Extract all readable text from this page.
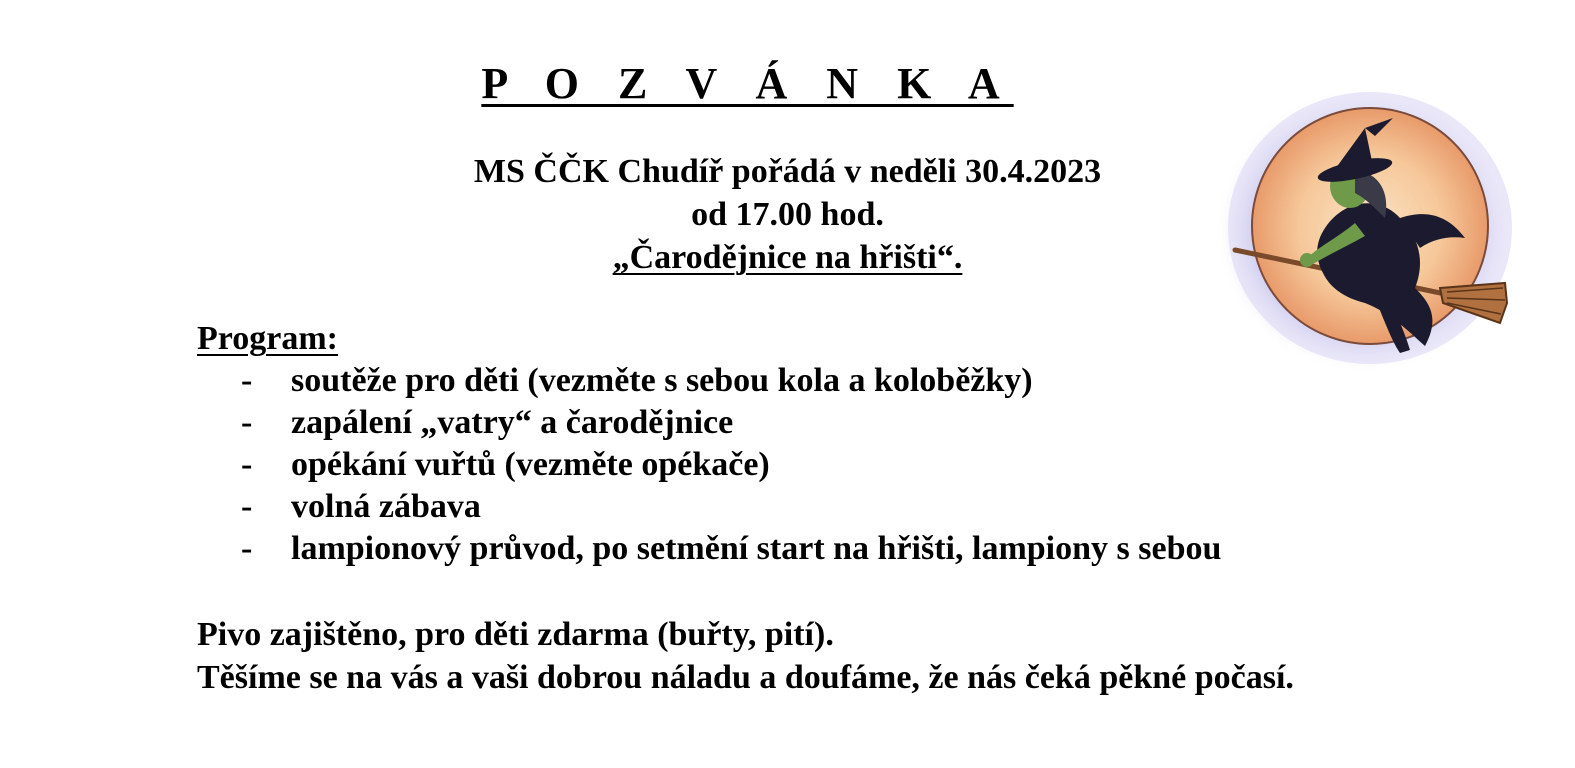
P O Z V Á N K A
MS ČČK Chudíř pořádá v neděli 30.4.2023
od 17.00 hod.
„Čarodějnice na hřišti“.
Program:
- soutěže pro děti (vezměte s sebou kola a koloběžky)
- zapálení „vatry“ a čarodějnice
- opékání vuřtů (vezměte opékače)
- volná zábava
- lampionový průvod, po setmění start na hřišti, lampiony s sebou
Pivo zajištěno, pro děti zdarma (buřty, pití).
Těšíme se na vás a vaši dobrou náladu a doufáme, že nás čeká pěkné počasí.
